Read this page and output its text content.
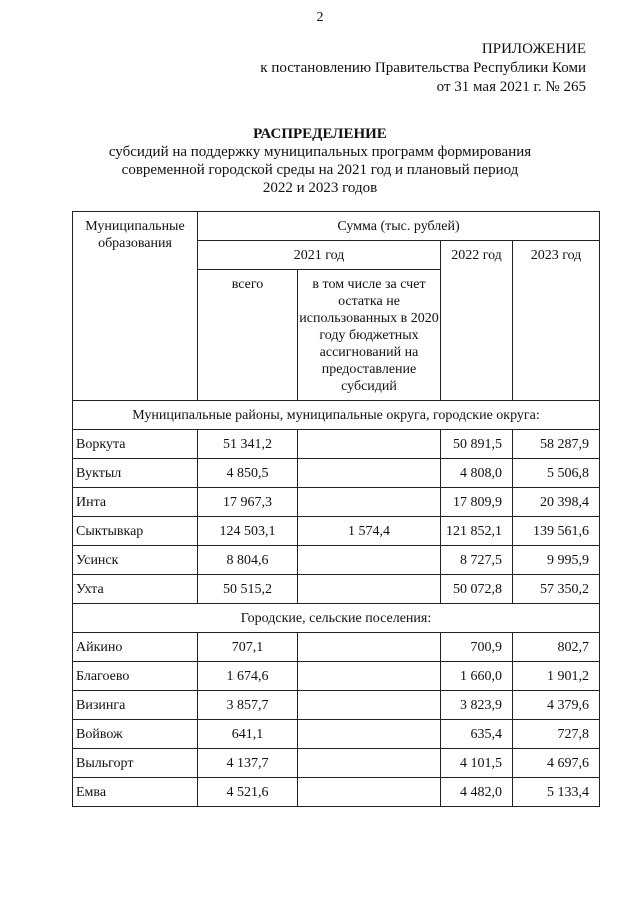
2
ПРИЛОЖЕНИЕ
к постановлению Правительства Республики Коми
от 31 мая 2021 г. № 265
РАСПРЕДЕЛЕНИЕ
субсидий на поддержку муниципальных программ формирования
современной городской среды на 2021 год и плановый период
2022 и 2023 годов
Муниципальные образования	Сумма (тыс. рублей)			
	2021 год		2022 год	2023 год
	всего	в том числе за счет остатка не использованных в 2020 году бюджетных ассигнований на предоставление субсидий		
Муниципальные районы, муниципальные округа, городские округа:				
Воркута	51 341,2		50 891,5	58 287,9
Вуктыл	4 850,5		4 808,0	5 506,8
Инта	17 967,3		17 809,9	20 398,4
Сыктывкар	124 503,1	1 574,4	121 852,1	139 561,6
Усинск	8 804,6		8 727,5	9 995,9
Ухта	50 515,2		50 072,8	57 350,2
Городские, сельские поселения:				
Айкино	707,1		700,9	802,7
Благоево	1 674,6		1 660,0	1 901,2
Визинга	3 857,7		3 823,9	4 379,6
Войвож	641,1		635,4	727,8
Выльгорт	4 137,7		4 101,5	4 697,6
Емва	4 521,6		4 482,0	5 133,4
